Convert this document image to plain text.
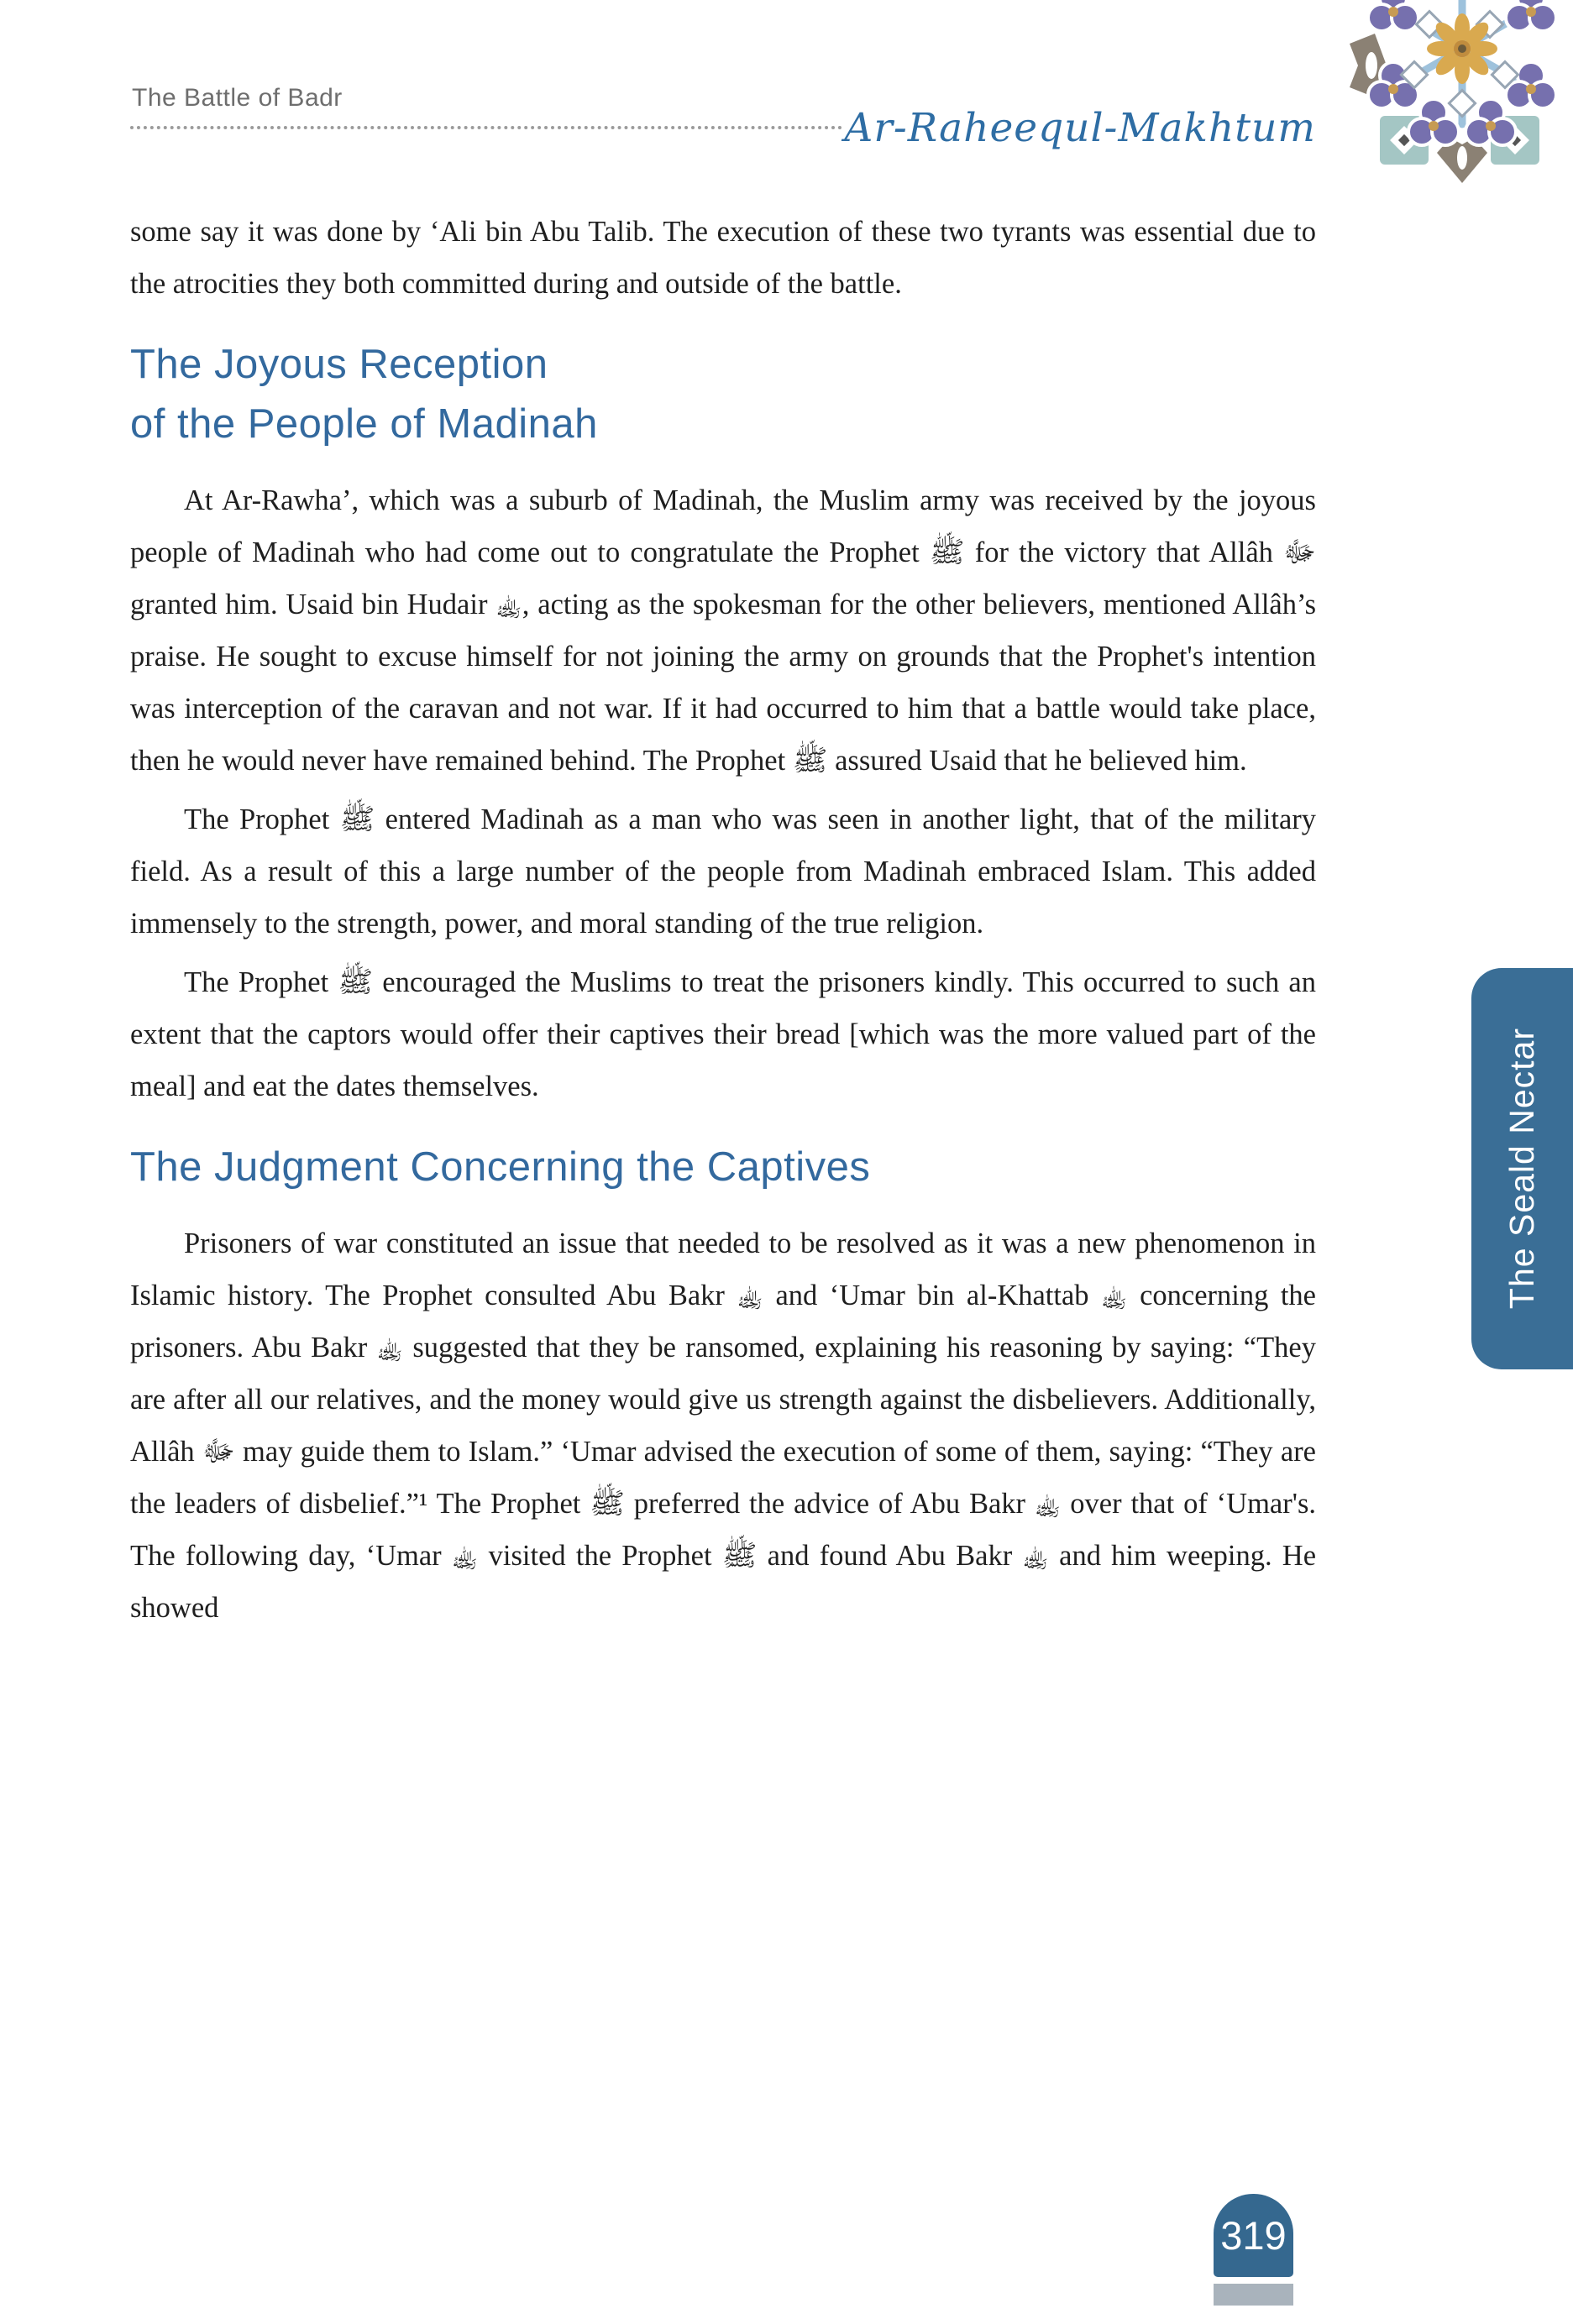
The Battle of Badr
Ar-Raheequl-Makhtum

some say it was done by ‘Ali bin Abu Talib. The execution of these two tyrants was essential due to the atrocities they both committed during and outside of the battle.

The Joyous Reception
of the People of Madinah

At Ar-Rawha’, which was a suburb of Madinah, the Muslim army was received by the joyous people of Madinah who had come out to congratulate the Prophet ﷺ for the victory that Allâh ﷻ granted him. Usaid bin Hudair ﵀, acting as the spokesman for the other believers, mentioned Allâh’s praise. He sought to excuse himself for not joining the army on grounds that the Prophet's intention was interception of the caravan and not war. If it had occurred to him that a battle would take place, then he would never have remained behind. The Prophet ﷺ assured Usaid that he believed him.

The Prophet ﷺ entered Madinah as a man who was seen in another light, that of the military field. As a result of this a large number of the people from Madinah embraced Islam. This added immensely to the strength, power, and moral standing of the true religion.

The Prophet ﷺ encouraged the Muslims to treat the prisoners kindly. This occurred to such an extent that the captors would offer their captives their bread [which was the more valued part of the meal] and eat the dates themselves.

The Judgment Concerning the Captives

Prisoners of war constituted an issue that needed to be resolved as it was a new phenomenon in Islamic history. The Prophet consulted Abu Bakr ﵀ and ‘Umar bin al-Khattab ﵀ concerning the prisoners. Abu Bakr ﵀ suggested that they be ransomed, explaining his reasoning by saying: “They are after all our relatives, and the money would give us strength against the disbelievers. Additionally, Allâh ﷻ may guide them to Islam.” ‘Umar advised the execution of some of them, saying: “They are the leaders of disbelief.”¹ The Prophet ﷺ preferred the advice of Abu Bakr ﵀ over that of ‘Umar's. The following day, ‘Umar ﵀ visited the Prophet ﷺ and found Abu Bakr ﵀ and him weeping. He showed

The Seald Nectar
319
